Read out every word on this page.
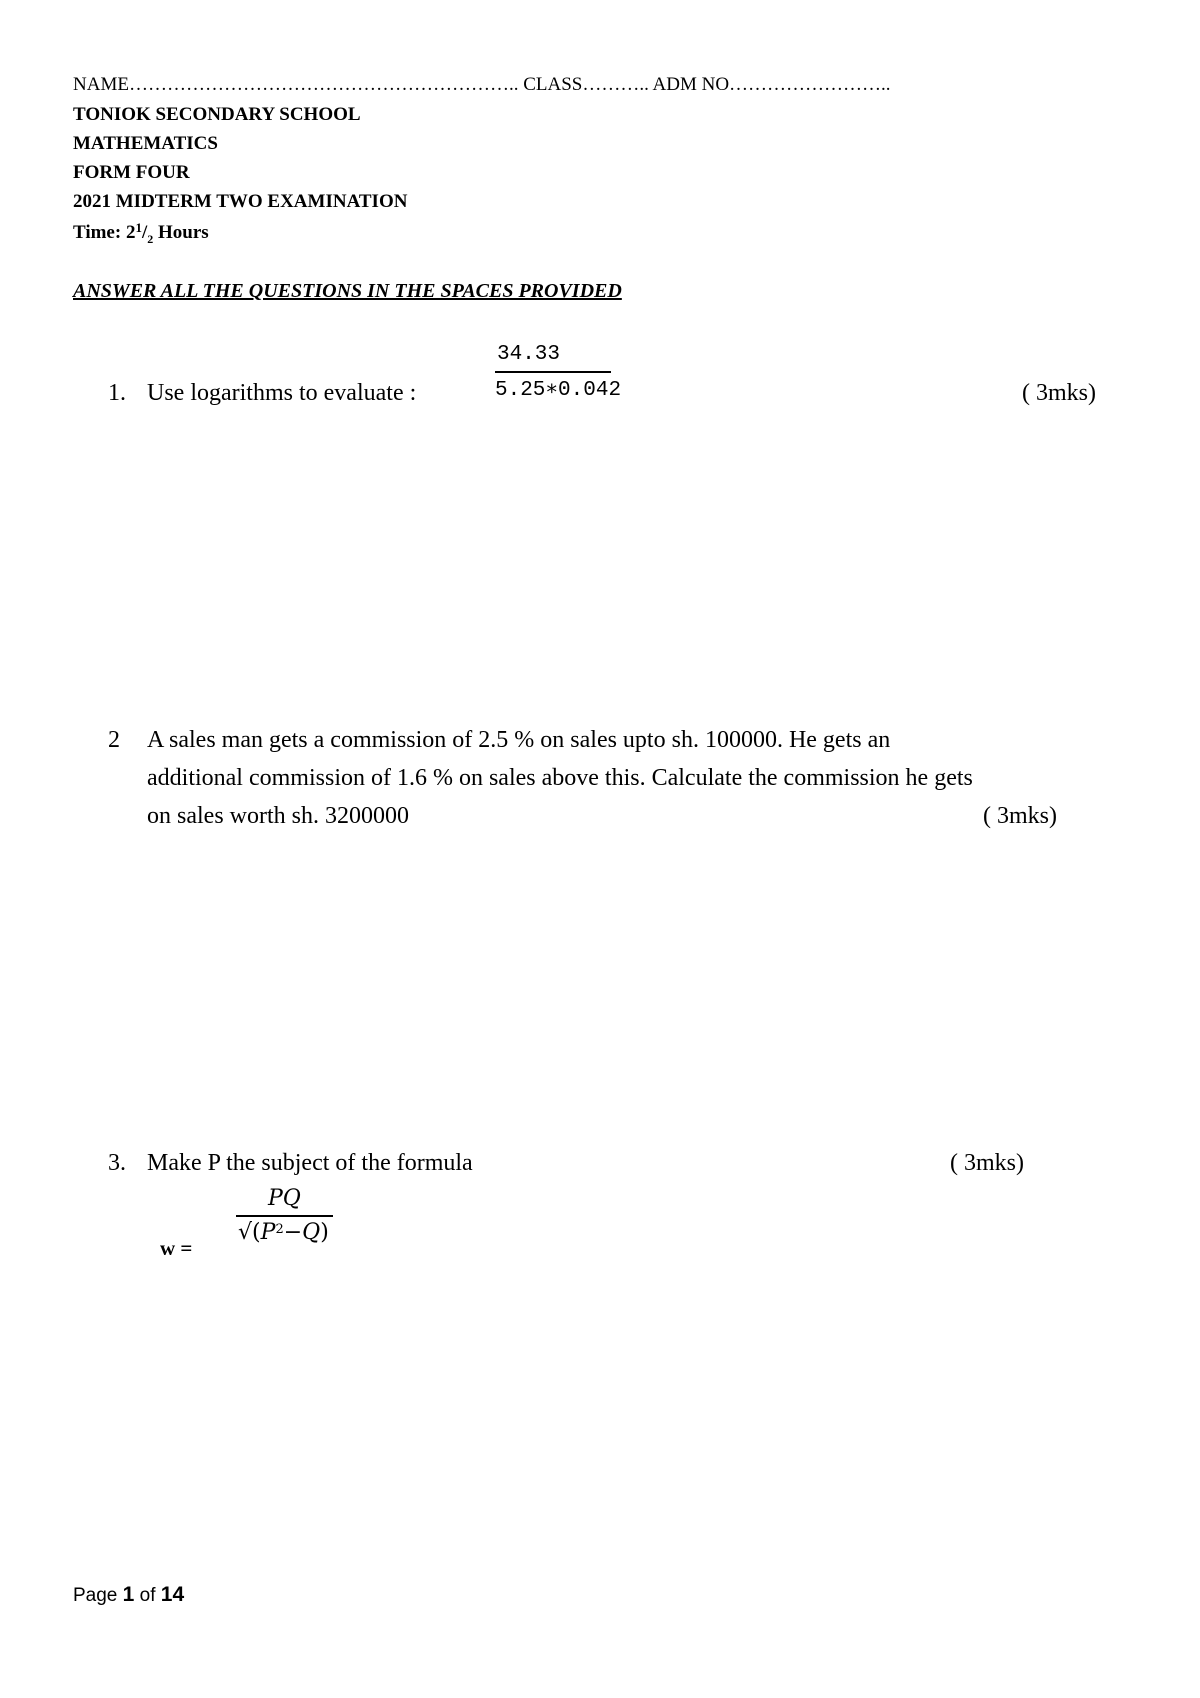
NAME…………………………………………………….. CLASS……….. ADM NO……………………..
TONIOK SECONDARY SCHOOL
MATHEMATICS
FORM FOUR
2021 MIDTERM TWO EXAMINATION
Time: $2^1/_2$ Hours
ANSWER ALL THE QUESTIONS IN THE SPACES PROVIDED
1. Use logarithms to evaluate :
34.33
5.25∗0.042	( 3mks)
2 A sales man gets a commission of 2.5 % on sales upto sh. 100000. He gets an
additional commission of 1.6 % on sales above this. Calculate the commission he gets
on sales worth sh. 3200000	( 3mks)
3. Make P the subject of the formula	( 3mks)
w =
PQ
$√(P^2-Q)$
Page 1 of 14
